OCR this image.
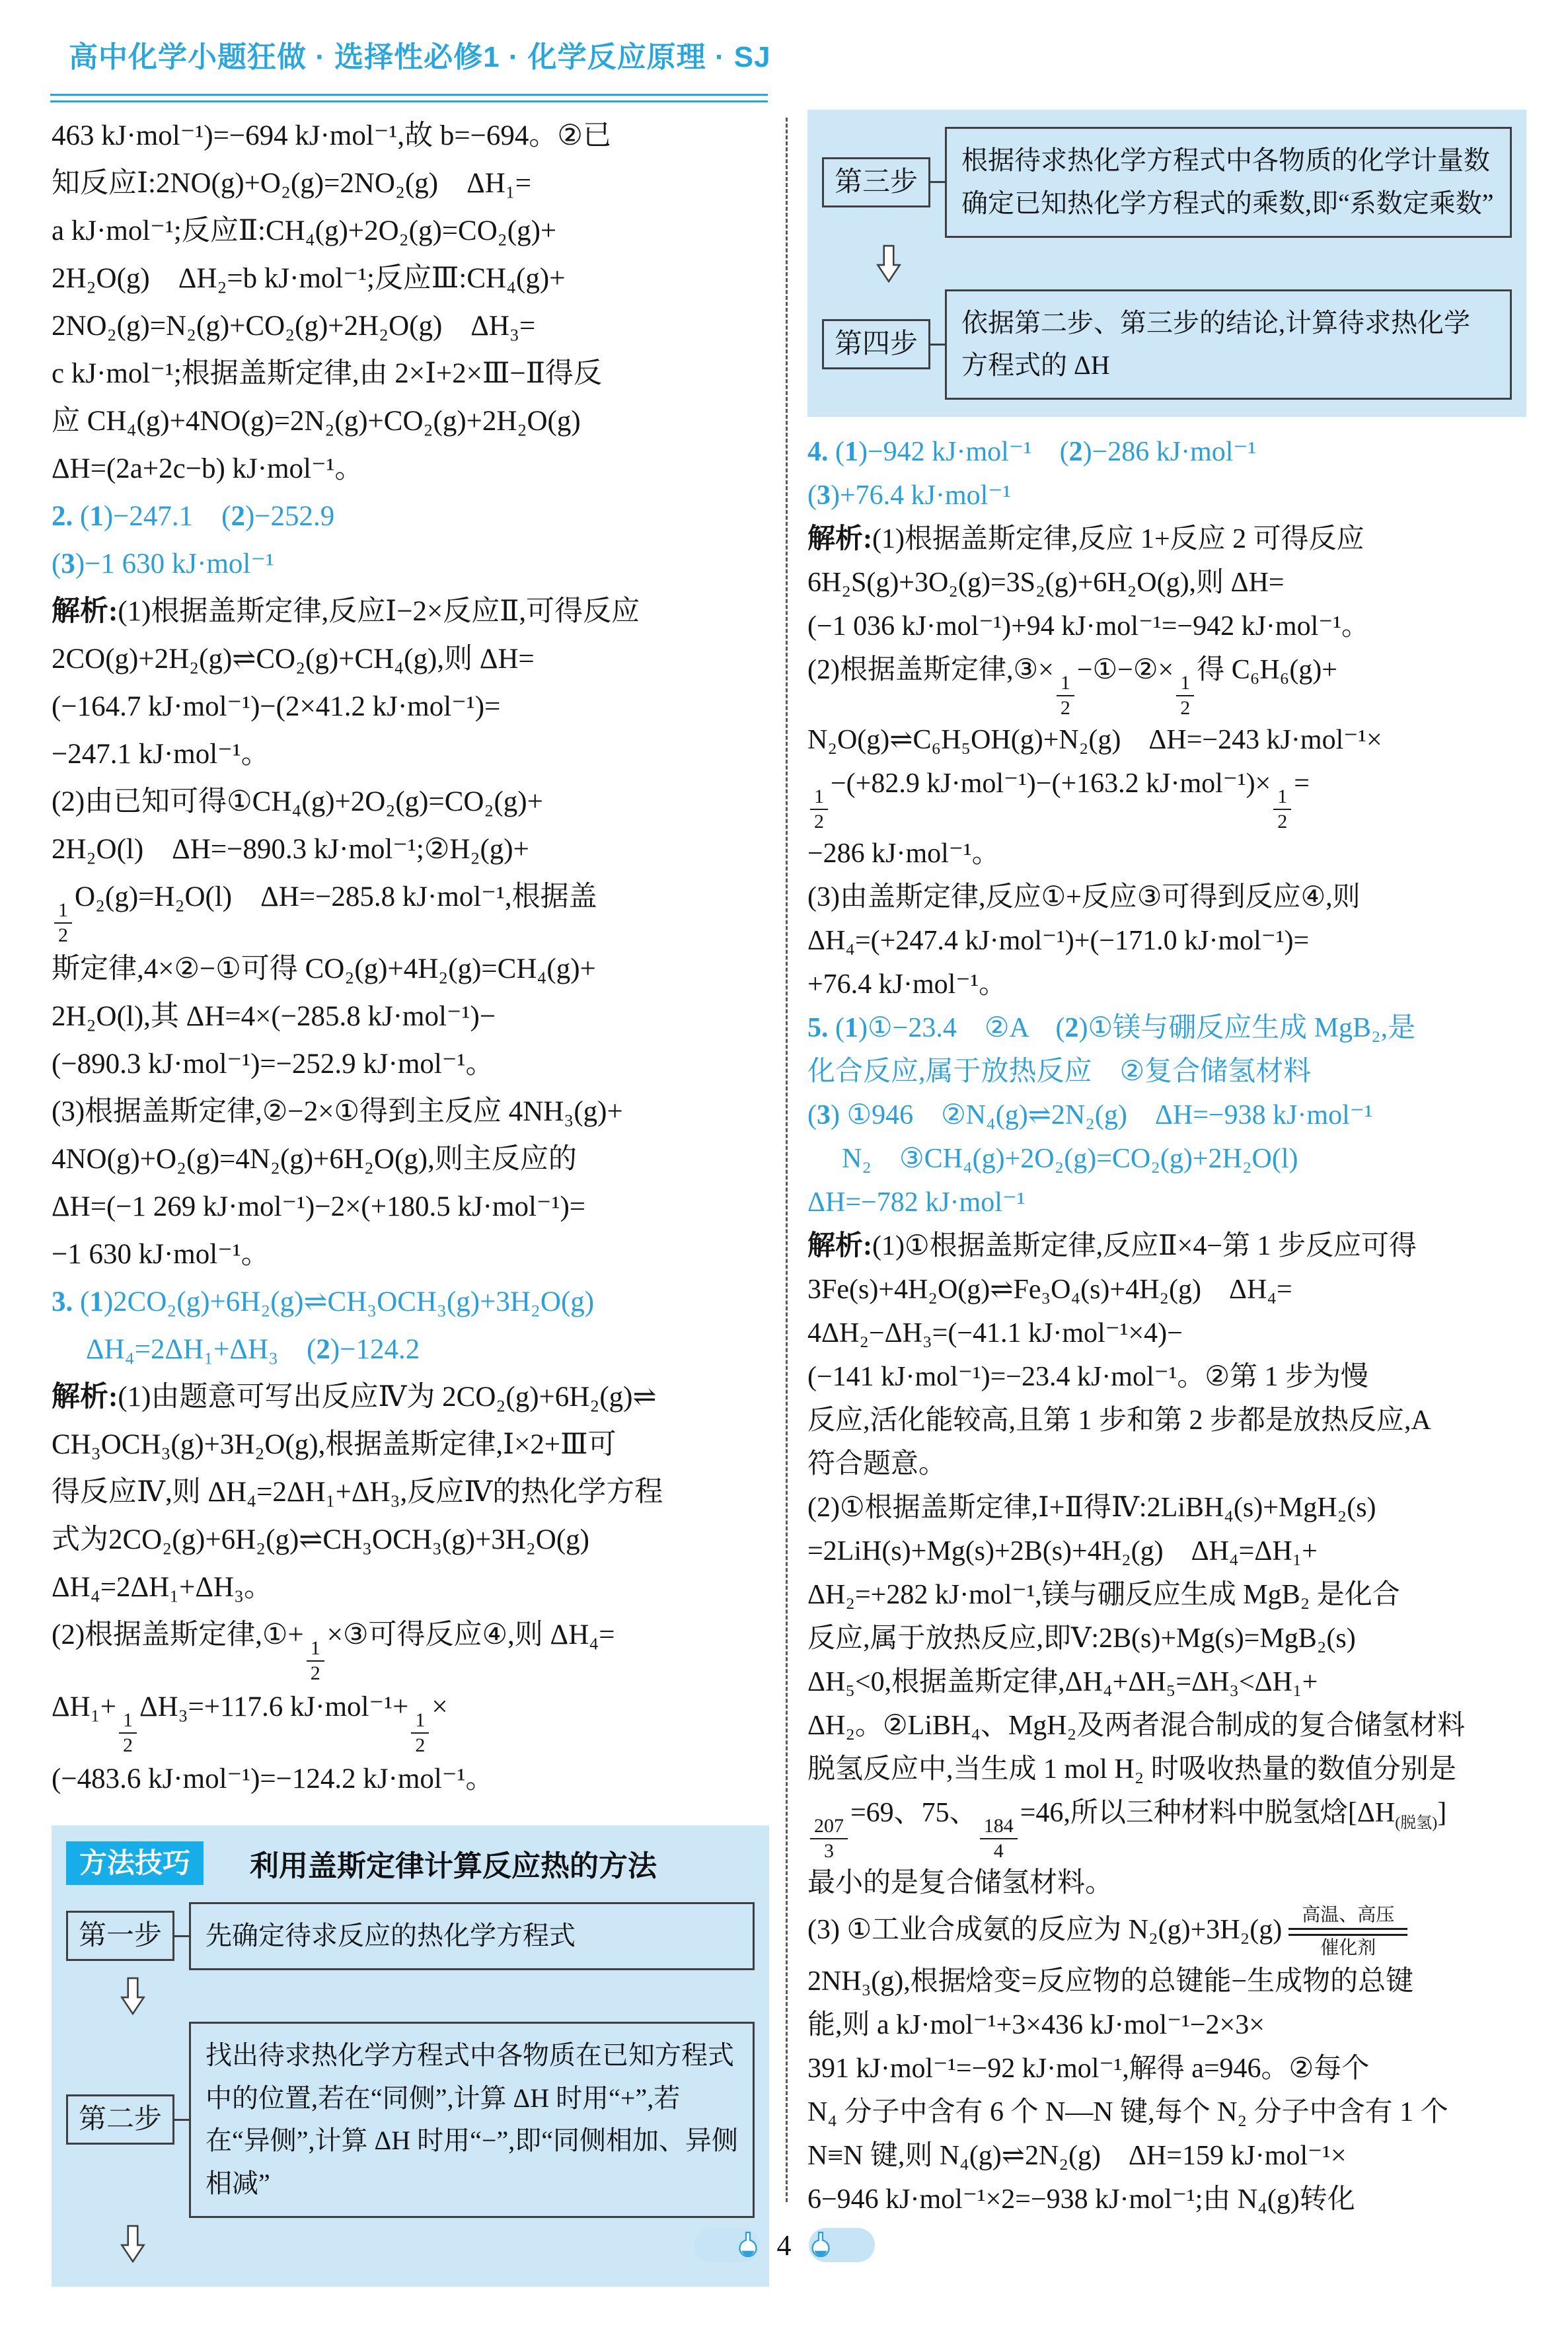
高中化学小题狂做 · 选择性必修1 · 化学反应原理 · SJ
463 kJ·mol⁻¹)=−694 kJ·mol⁻¹,故 b=−694。②已
知反应Ⅰ:2NO(g)+O₂(g)=2NO₂(g)　ΔH₁=
a kJ·mol⁻¹;反应Ⅱ:CH₄(g)+2O₂(g)=CO₂(g)+
2H₂O(g)　ΔH₂=b kJ·mol⁻¹;反应Ⅲ:CH₄(g)+
2NO₂(g)=N₂(g)+CO₂(g)+2H₂O(g)　ΔH₃=
c kJ·mol⁻¹;根据盖斯定律,由 2×Ⅰ+2×Ⅲ−Ⅱ得反
应 CH₄(g)+4NO(g)=2N₂(g)+CO₂(g)+2H₂O(g)
ΔH=(2a+2c−b) kJ·mol⁻¹。
2. (1)−247.1　(2)−252.9
(3)−1 630 kJ·mol⁻¹
解析:(1)根据盖斯定律,反应Ⅰ−2×反应Ⅱ,可得反应
2CO(g)+2H₂(g)⇌CO₂(g)+CH₄(g),则 ΔH=
(−164.7 kJ·mol⁻¹)−(2×41.2 kJ·mol⁻¹)=
−247.1 kJ·mol⁻¹。
(2)由已知可得①CH₄(g)+2O₂(g)=CO₂(g)+
2H₂O(l)　ΔH=−890.3 kJ·mol⁻¹;②H₂(g)+
$\frac{1}{2}$
O₂(g)=H₂O(l)　ΔH=−285.8 kJ·mol⁻¹,根据盖
斯定律,4×②−①可得 CO₂(g)+4H₂(g)=CH₄(g)+
2H₂O(l),其 ΔH=4×(−285.8 kJ·mol⁻¹)−
(−890.3 kJ·mol⁻¹)=−252.9 kJ·mol⁻¹。
(3)根据盖斯定律,②−2×①得到主反应 4NH₃(g)+
4NO(g)+O₂(g)=4N₂(g)+6H₂O(g),则主反应的
ΔH=(−1 269 kJ·mol⁻¹)−2×(+180.5 kJ·mol⁻¹)=
−1 630 kJ·mol⁻¹。
3. (1)2CO₂(g)+6H₂(g)⇌CH₃OCH₃(g)+3H₂O(g)
ΔH₄=2ΔH₁+ΔH₃　(2)−124.2
解析:(1)由题意可写出反应Ⅳ为 2CO₂(g)+6H₂(g)⇌
CH₃OCH₃(g)+3H₂O(g),根据盖斯定律,Ⅰ×2+Ⅲ可
得反应Ⅳ,则 ΔH₄=2ΔH₁+ΔH₃,反应Ⅳ的热化学方程
式为2CO₂(g)+6H₂(g)⇌CH₃OCH₃(g)+3H₂O(g)
ΔH₄=2ΔH₁+ΔH₃。
(2)根据盖斯定律,①+
$\frac{1}{2}$
×③可得反应④,则 ΔH₄=
ΔH₁+
$\frac{1}{2}$
ΔH₃=+117.6 kJ·mol⁻¹+
$\frac{1}{2}$
×
(−483.6 kJ·mol⁻¹)=−124.2 kJ·mol⁻¹。
方法技巧	利用盖斯定律计算反应热的方法
第一步	先确定待求反应的热化学方程式
第二步
找出待求热化学方程式中各物质在已知方程式中的位置,若在“同侧”,计算 ΔH 时用“+”,若在“异侧”,计算 ΔH 时用“−”,即“同侧相加、异侧相减”
第三步
根据待求热化学方程式中各物质的化学计量数确定已知热化学方程式的乘数,即“系数定乘数”
第四步
依据第二步、第三步的结论,计算待求热化学方程式的 ΔH
4. (1)−942 kJ·mol⁻¹　(2)−286 kJ·mol⁻¹
(3)+76.4 kJ·mol⁻¹
解析:(1)根据盖斯定律,反应 1+反应 2 可得反应
6H₂S(g)+3O₂(g)=3S₂(g)+6H₂O(g),则 ΔH=
(−1 036 kJ·mol⁻¹)+94 kJ·mol⁻¹=−942 kJ·mol⁻¹。
(2)根据盖斯定律,③×
$\frac{1}{2}$
−①−②×
$\frac{1}{2}$
得 C₆H₆(g)+
N₂O(g)⇌C₆H₅OH(g)+N₂(g)　ΔH=−243 kJ·mol⁻¹×
$\frac{1}{2}$
−(+82.9 kJ·mol⁻¹)−(+163.2 kJ·mol⁻¹)×
$\frac{1}{2}$
=
−286 kJ·mol⁻¹。
(3)由盖斯定律,反应①+反应③可得到反应④,则
ΔH₄=(+247.4 kJ·mol⁻¹)+(−171.0 kJ·mol⁻¹)=
+76.4 kJ·mol⁻¹。
5. (1)①−23.4　②A　(2)①镁与硼反应生成 MgB₂,是
化合反应,属于放热反应　②复合储氢材料
(3) ①946　②N₄(g)⇌2N₂(g)　ΔH=−938 kJ·mol⁻¹
N₂　③CH₄(g)+2O₂(g)=CO₂(g)+2H₂O(l)
ΔH=−782 kJ·mol⁻¹
解析:(1)①根据盖斯定律,反应Ⅱ×4−第 1 步反应可得
3Fe(s)+4H₂O(g)⇌Fe₃O₄(s)+4H₂(g)　ΔH₄=
4ΔH₂−ΔH₃=(−41.1 kJ·mol⁻¹×4)−
(−141 kJ·mol⁻¹)=−23.4 kJ·mol⁻¹。②第 1 步为慢
反应,活化能较高,且第 1 步和第 2 步都是放热反应,A
符合题意。
(2)①根据盖斯定律,Ⅰ+Ⅱ得Ⅳ:2LiBH₄(s)+MgH₂(s)
=2LiH(s)+Mg(s)+2B(s)+4H₂(g)　ΔH₄=ΔH₁+
ΔH₂=+282 kJ·mol⁻¹,镁与硼反应生成 MgB₂ 是化合
反应,属于放热反应,即Ⅴ:2B(s)+Mg(s)=MgB₂(s)
ΔH₅<0,根据盖斯定律,ΔH₄+ΔH₅=ΔH₃<ΔH₁+
ΔH₂。②LiBH₄、MgH₂及两者混合制成的复合储氢材料
脱氢反应中,当生成 1 mol H₂ 时吸收热量的数值分别是
$\frac{207}{3}$
=69、75、
$\frac{184}{4}$
=46,所以三种材料中脱氢焓$[\Delta H_{(脱氢)}]$
最小的是复合储氢材料。
(3) ①工业合成氨的反应为 N₂(g)+3H₂(g) 高温、高压
催化剂
2NH₃(g),根据焓变=反应物的总键能−生成物的总键
能,则 a kJ·mol⁻¹+3×436 kJ·mol⁻¹−2×3×
391 kJ·mol⁻¹=−92 kJ·mol⁻¹,解得 a=946。②每个
N₄ 分子中含有 6 个 N—N 键,每个 N₂ 分子中含有 1 个
N≡N 键,则 N₄(g)⇌2N₂(g)　ΔH=159 kJ·mol⁻¹×
6−946 kJ·mol⁻¹×2=−938 kJ·mol⁻¹;由 N₄(g)转化
4
